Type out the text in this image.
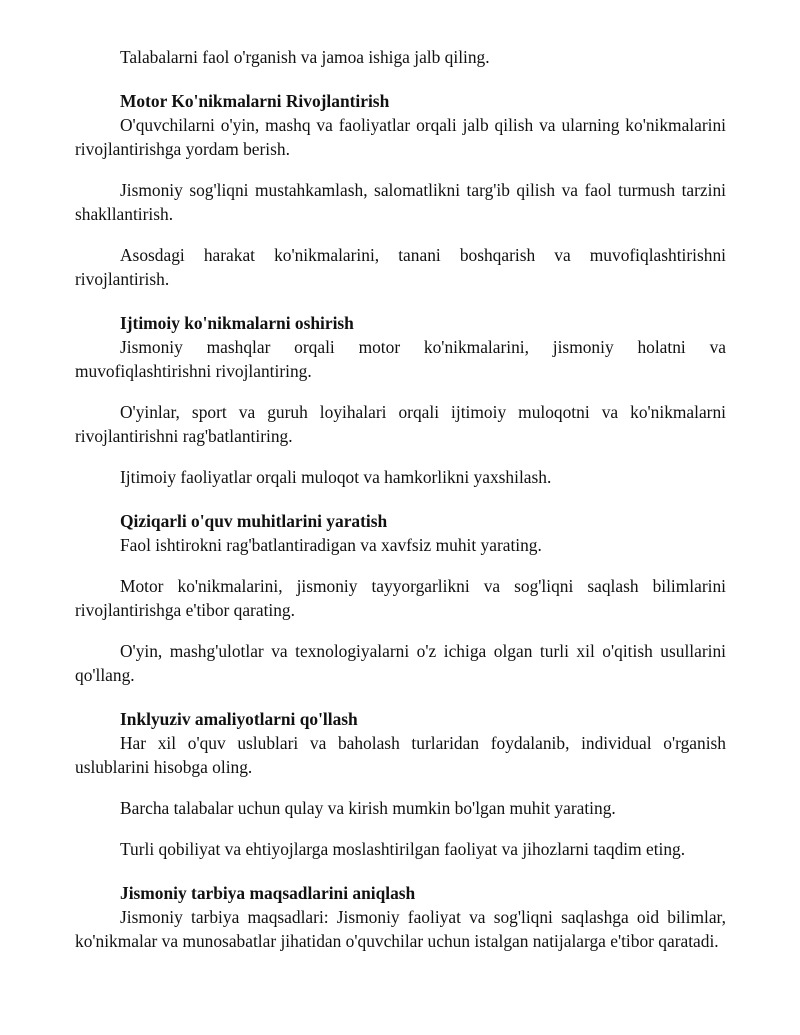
Talabalarni faol o'rganish va jamoa ishiga jalb qiling.

Motor Ko'nikmalarni Rivojlantirish

O'quvchilarni o'yin, mashq va faoliyatlar orqali jalb qilish va ularning ko'nikmalarini rivojlantirishga yordam berish.

Jismoniy sog'liqni mustahkamlash, salomatlikni targ'ib qilish va faol turmush tarzini shakllantirish.

Asosdagi harakat ko'nikmalarini, tanani boshqarish va muvofiqlashtirishni rivojlantirish.

Ijtimoiy ko'nikmalarni oshirish

Jismoniy mashqlar orqali motor ko'nikmalarini, jismoniy holatni va muvofiqlashtirishni rivojlantiring.

O'yinlar, sport va guruh loyihalari orqali ijtimoiy muloqotni va ko'nikmalarni rivojlantirishni rag'batlantiring.

Ijtimoiy faoliyatlar orqali muloqot va hamkorlikni yaxshilash.

Qiziqarli o'quv muhitlarini yaratish

Faol ishtirokni rag'batlantiradigan va xavfsiz muhit yarating.

Motor ko'nikmalarini, jismoniy tayyorgarlikni va sog'liqni saqlash bilimlarini rivojlantirishga e'tibor qarating.

O'yin, mashg'ulotlar va texnologiyalarni o'z ichiga olgan turli xil o'qitish usullarini qo'llang.

Inklyuziv amaliyotlarni qo'llash

Har xil o'quv uslublari va baholash turlaridan foydalanib, individual o'rganish uslublarini hisobga oling.

Barcha talabalar uchun qulay va kirish mumkin bo'lgan muhit yarating.

Turli qobiliyat va ehtiyojlarga moslashtirilgan faoliyat va jihozlarni taqdim eting.

Jismoniy tarbiya maqsadlarini aniqlash

Jismoniy tarbiya maqsadlari: Jismoniy faoliyat va sog'liqni saqlashga oid bilimlar, ko'nikmalar va munosabatlar jihatidan o'quvchilar uchun istalgan natijalarga e'tibor qaratadi.
